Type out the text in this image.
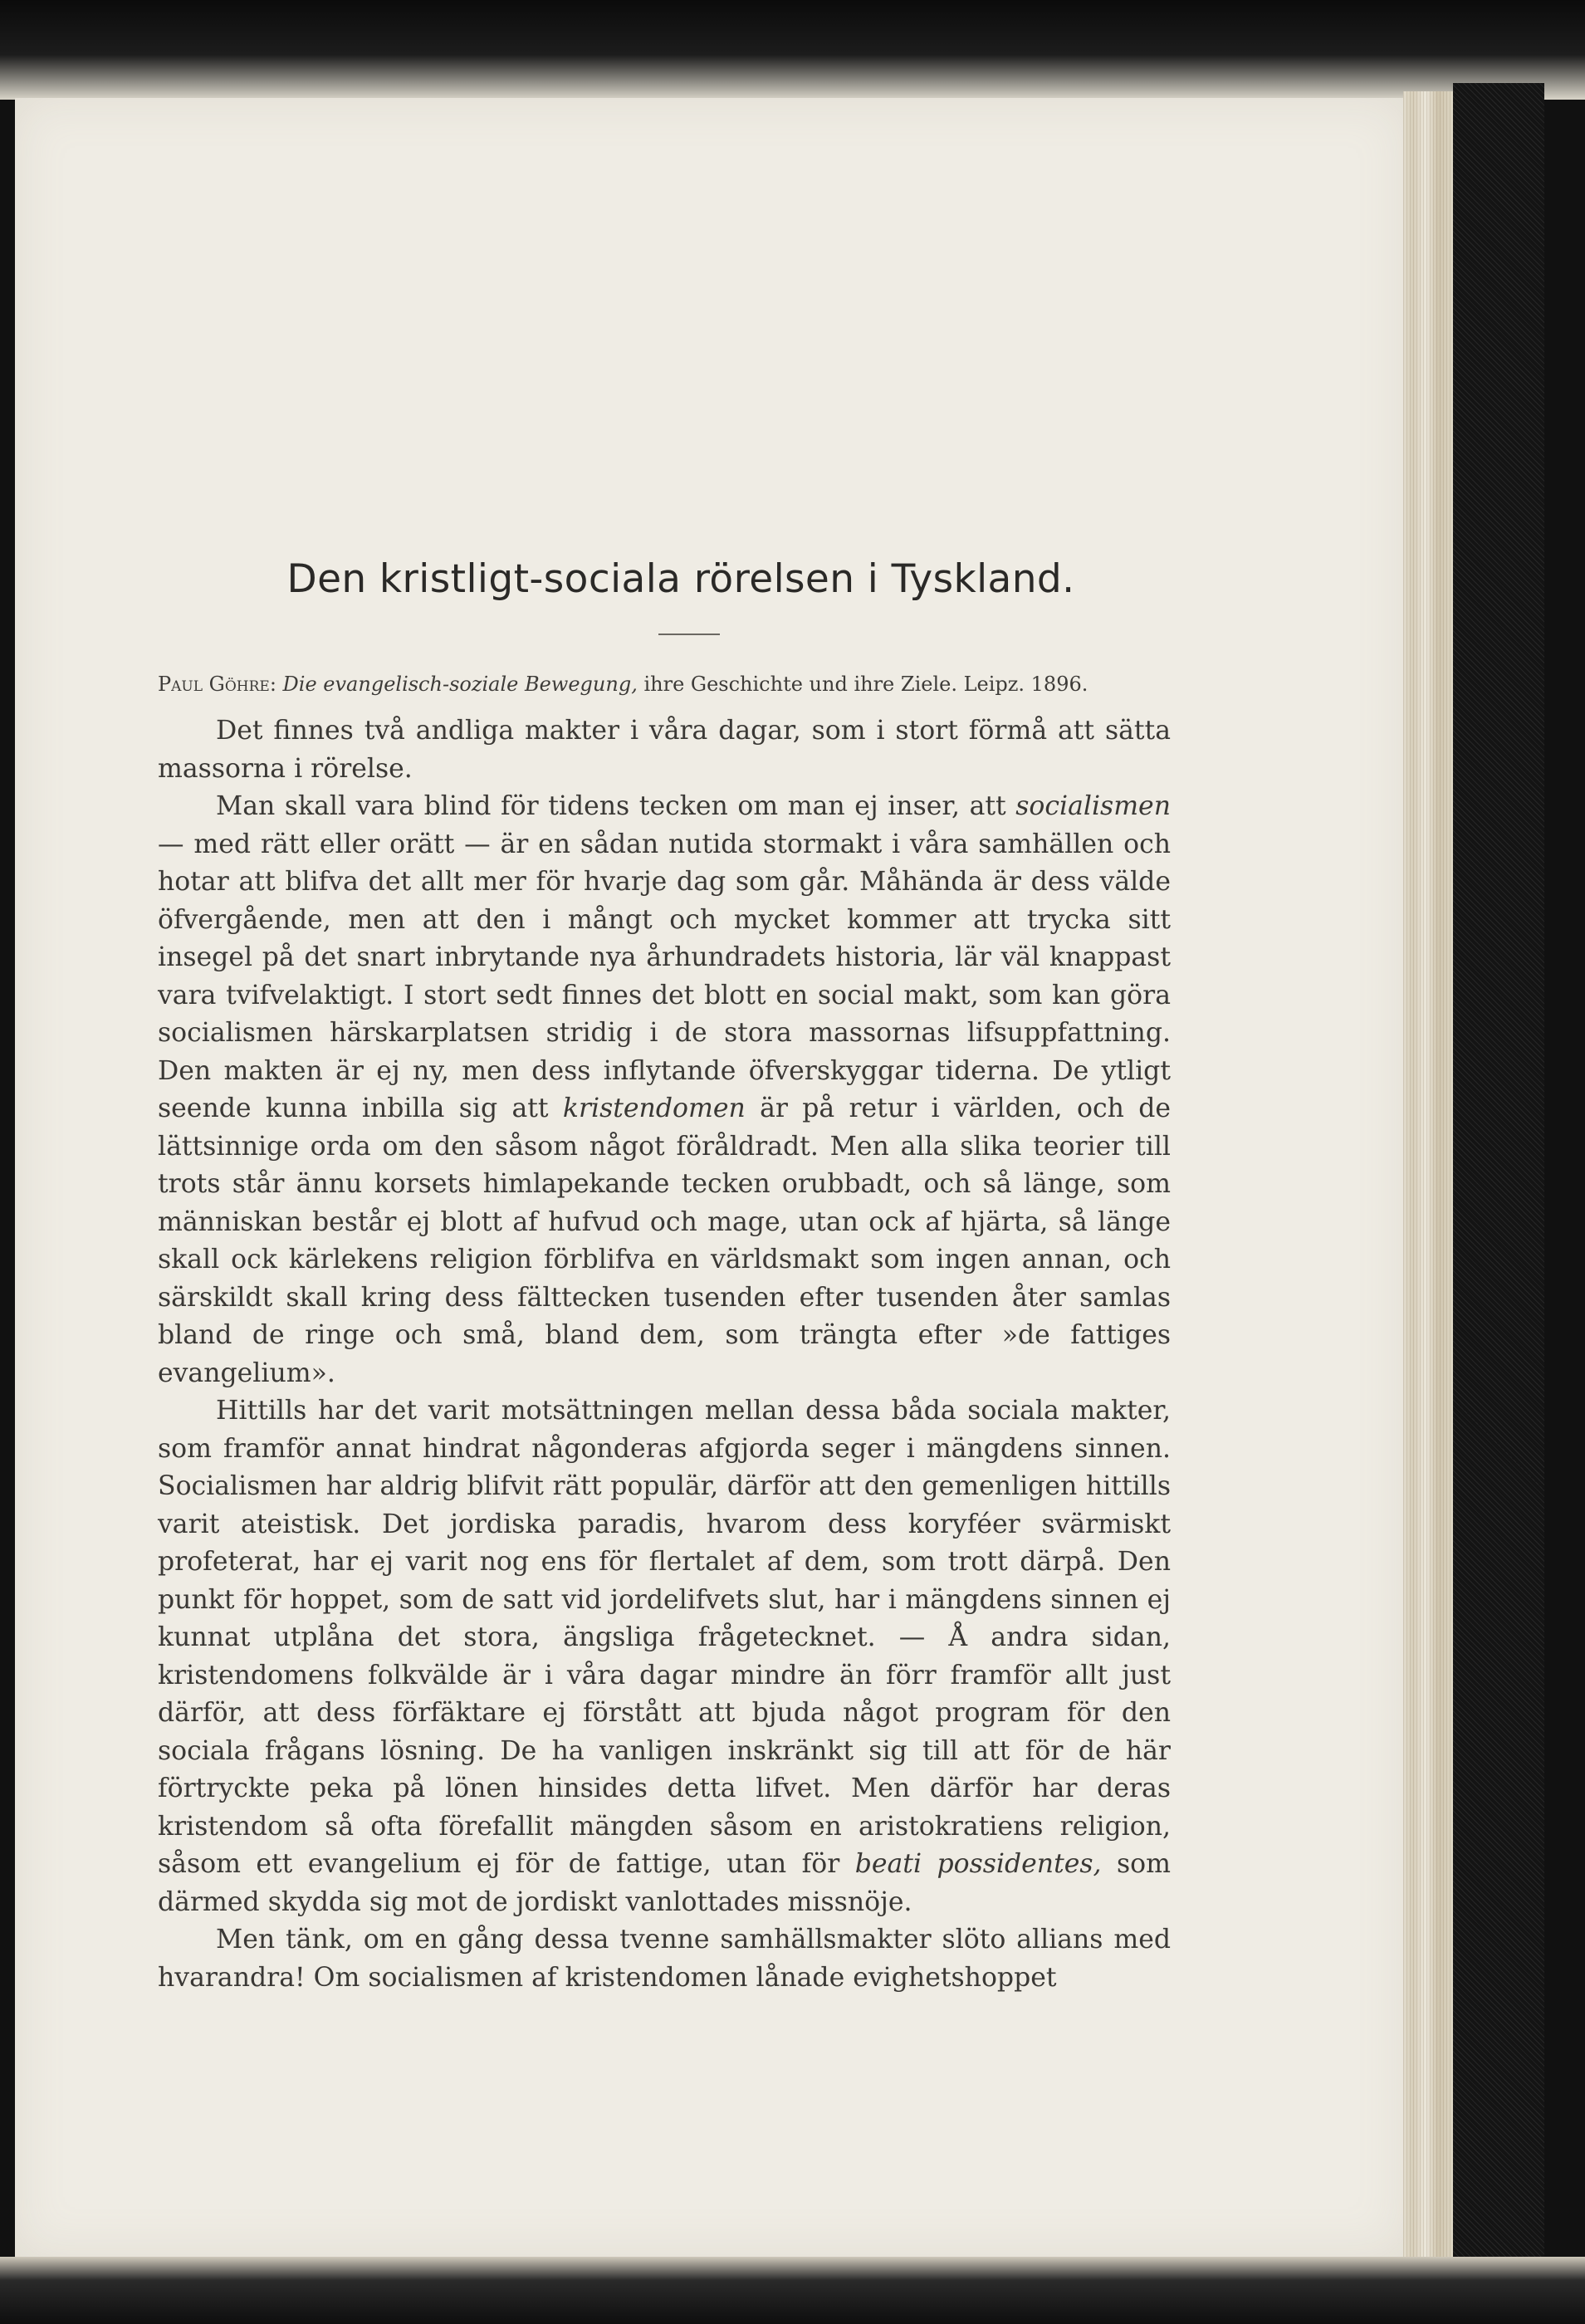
Den kristligt-sociala rörelsen i Tyskland.
Paul Göhre: Die evangelisch-soziale Bewegung, ihre Geschichte und ihre Ziele. Leipz. 1896.

Det finnes två andliga makter i våra dagar, som i stort förmå att sätta massorna i rörelse.

Man skall vara blind för tidens tecken om man ej inser, att socialismen — med rätt eller orätt — är en sådan nutida stormakt i våra samhällen och hotar att blifva det allt mer för hvarje dag som går. Måhända är dess välde öfvergående, men att den i mångt och mycket kommer att trycka sitt insegel på det snart inbrytande nya århundradets historia, lär väl knappast vara tvifvelaktigt. I stort sedt finnes det blott en social makt, som kan göra socialismen härskarplatsen stridig i de stora massornas lifsuppfattning. Den makten är ej ny, men dess inflytande öfverskyggar tiderna. De ytligt seende kunna inbilla sig att kristendomen är på retur i världen, och de lättsinnige orda om den såsom något föråldradt. Men alla slika teorier till trots står ännu korsets himlapekande tecken orubbadt, och så länge, som människan består ej blott af hufvud och mage, utan ock af hjärta, så länge skall ock kärlekens religion förblifva en världsmakt som ingen annan, och särskildt skall kring dess fälttecken tusenden efter tusenden åter samlas bland de ringe och små, bland dem, som trängta efter »de fattiges evangelium».

Hittills har det varit motsättningen mellan dessa båda sociala makter, som framför annat hindrat någonderas afgjorda seger i mängdens sinnen. Socialismen har aldrig blifvit rätt populär, därför att den gemenligen hittills varit ateistisk. Det jordiska paradis, hvarom dess koryféer svärmiskt profeterat, har ej varit nog ens för flertalet af dem, som trott därpå. Den punkt för hoppet, som de satt vid jordelifvets slut, har i mängdens sinnen ej kunnat utplåna det stora, ängsliga frågetecknet. — Å andra sidan, kristendomens folkvälde är i våra dagar mindre än förr framför allt just därför, att dess förfäktare ej förstått att bjuda något program för den sociala frågans lösning. De ha vanligen inskränkt sig till att för de här förtryckte peka på lönen hinsides detta lifvet. Men därför har deras kristendom så ofta förefallit mängden såsom en aristokratiens religion, såsom ett evangelium ej för de fattige, utan för beati possidentes, som därmed skydda sig mot de jordiskt vanlottades missnöje.

Men tänk, om en gång dessa tvenne samhällsmakter slöto allians med hvarandra! Om socialismen af kristendomen lånade evighetshoppet
